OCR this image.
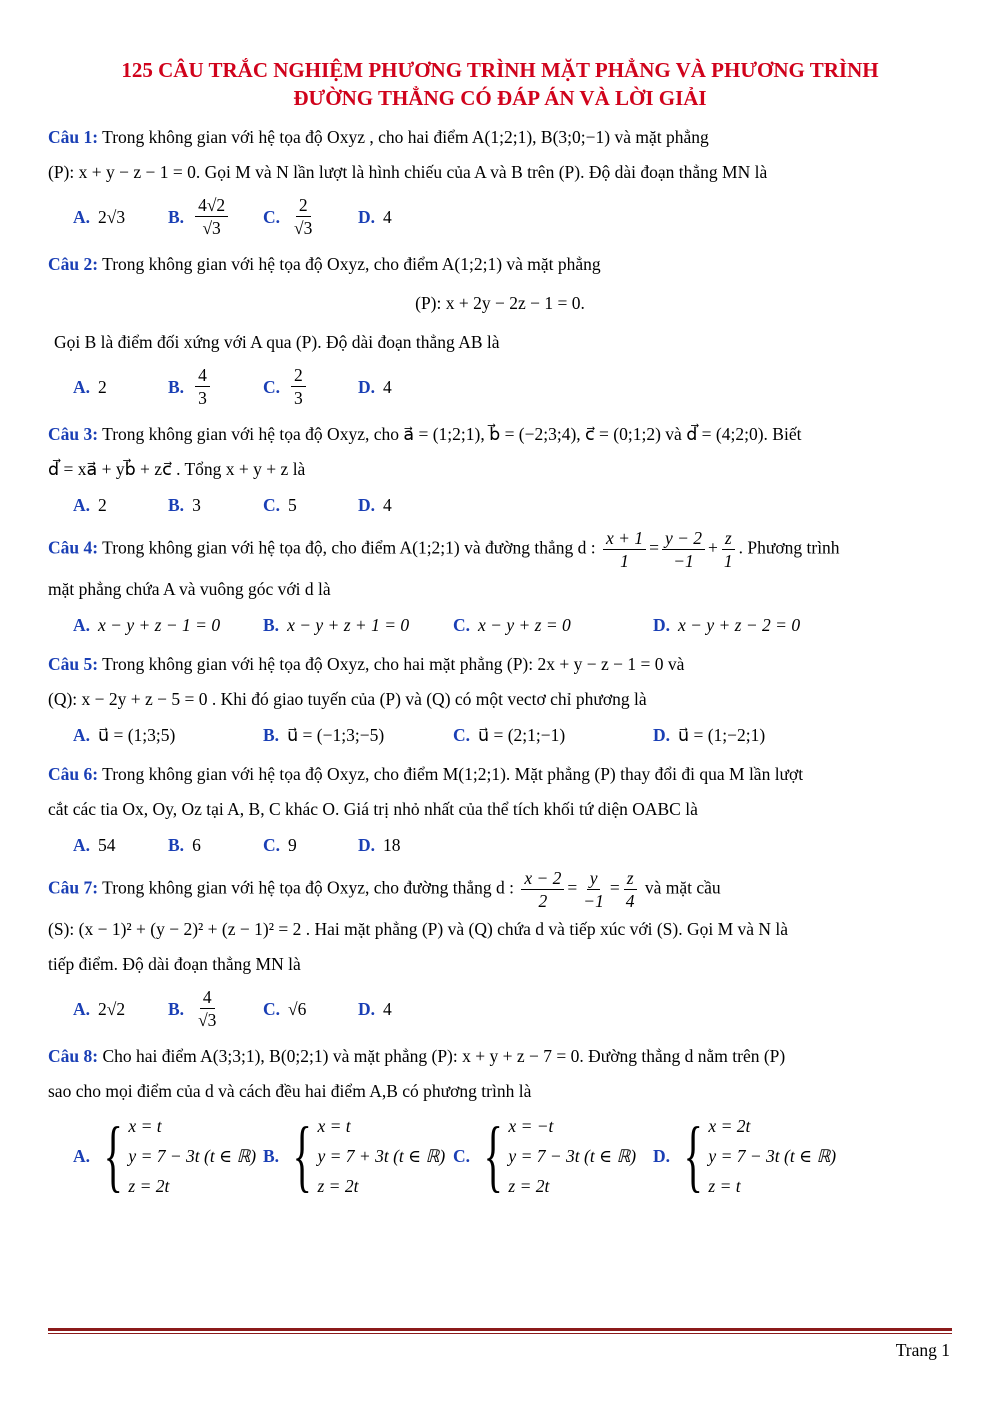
125 CÂU TRẮC NGHIỆM PHƯƠNG TRÌNH MẶT PHẲNG VÀ PHƯƠNG TRÌNH
ĐƯỜNG THẲNG CÓ ĐÁP ÁN VÀ LỜI GIẢI
Câu 1: Trong không gian với hệ tọa độ Oxyz , cho hai điểm A(1;2;1), B(3;0;−1) và mặt phẳng
(P): x + y − z − 1 = 0. Gọi M và N lần lượt là hình chiếu của A và B trên (P). Độ dài đoạn thẳng MN là
A. 2√3 B. $\frac{4√2}{√3} C$. $\frac{2}{√3} D$. 4
Câu 2: Trong không gian với hệ tọa độ Oxyz, cho điểm A(1;2;1) và mặt phẳng
(P): x + 2y − 2z − 1 = 0.
Gọi B là điểm đối xứng với A qua (P). Độ dài đoạn thẳng AB là
A. 2	B. $\frac{4}{3}$	C. $\frac{2}{3}$	D. 4
Câu 3: Trong không gian với hệ tọa độ Oxyz, cho a⃗ = (1;2;1), b⃗ = (−2;3;4), c⃗ = (0;1;2) và d⃗ = (4;2;0). Biết
d⃗ = xa⃗ + yb⃗ + zc⃗ . Tổng x + y + z là
A. 2	B. 3	C. 5	D. 4
Câu 4: Trong không gian với hệ tọa độ, cho điểm A(1;2;1) và đường thẳng d : $\frac{x + 1}{1} = \frac{y - 2}{-1} + \frac{z}{1}$ . Phương trình
mặt phẳng chứa A và vuông góc với d là
A. x − y + z − 1 = 0 B. x − y + z + 1 = 0	C. x − y + z = 0	D. x − y + z − 2 = 0
Câu 5: Trong không gian với hệ tọa độ Oxyz, cho hai mặt phẳng (P): 2x + y − z − 1 = 0 và
(Q): x − 2y + z − 5 = 0 . Khi đó giao tuyến của (P) và (Q) có một vectơ chỉ phương là
A. u⃗ = (1;3;5)	B. u⃗ = (−1;3;−5)	C. u⃗ = (2;1;−1)	D. u⃗ = (1;−2;1)
Câu 6: Trong không gian với hệ tọa độ Oxyz, cho điểm M(1;2;1). Mặt phẳng (P) thay đổi đi qua M lần lượt
cắt các tia Ox, Oy, Oz tại A, B, C khác O. Giá trị nhỏ nhất của thể tích khối tứ diện OABC là
A. 54	B. 6	C. 9	D. 18
Câu 7: Trong không gian với hệ tọa độ Oxyz, cho đường thẳng d : $\frac{x - 2}{2} = \frac{y}{-1} = \frac{z}{4}$ và mặt cầu
(S): (x − 1)² + (y − 2)² + (z − 1)² = 2 . Hai mặt phẳng (P) và (Q) chứa d và tiếp xúc với (S). Gọi M và N là
tiếp điểm. Độ dài đoạn thẳng MN là
A. 2√2 B. $\frac{4}{√3} C$. √6	D. 4
Câu 8: Cho hai điểm A(3;3;1), B(0;2;1) và mặt phẳng (P): x + y + z − 7 = 0. Đường thẳng d nằm trên (P)
sao cho mọi điểm của d và cách đều hai điểm A,B có phương trình là
A. { x = t
y = 7 − 3t (t ∈ ℝ)
z = 2t
B. { x = t
y = 7 + 3t (t ∈ ℝ)
z = 2t
C. { x = −t
y = 7 − 3t (t ∈ ℝ)
z = 2t
D. { x = 2t
y = 7 − 3t (t ∈ ℝ)
z = t
Trang 1
